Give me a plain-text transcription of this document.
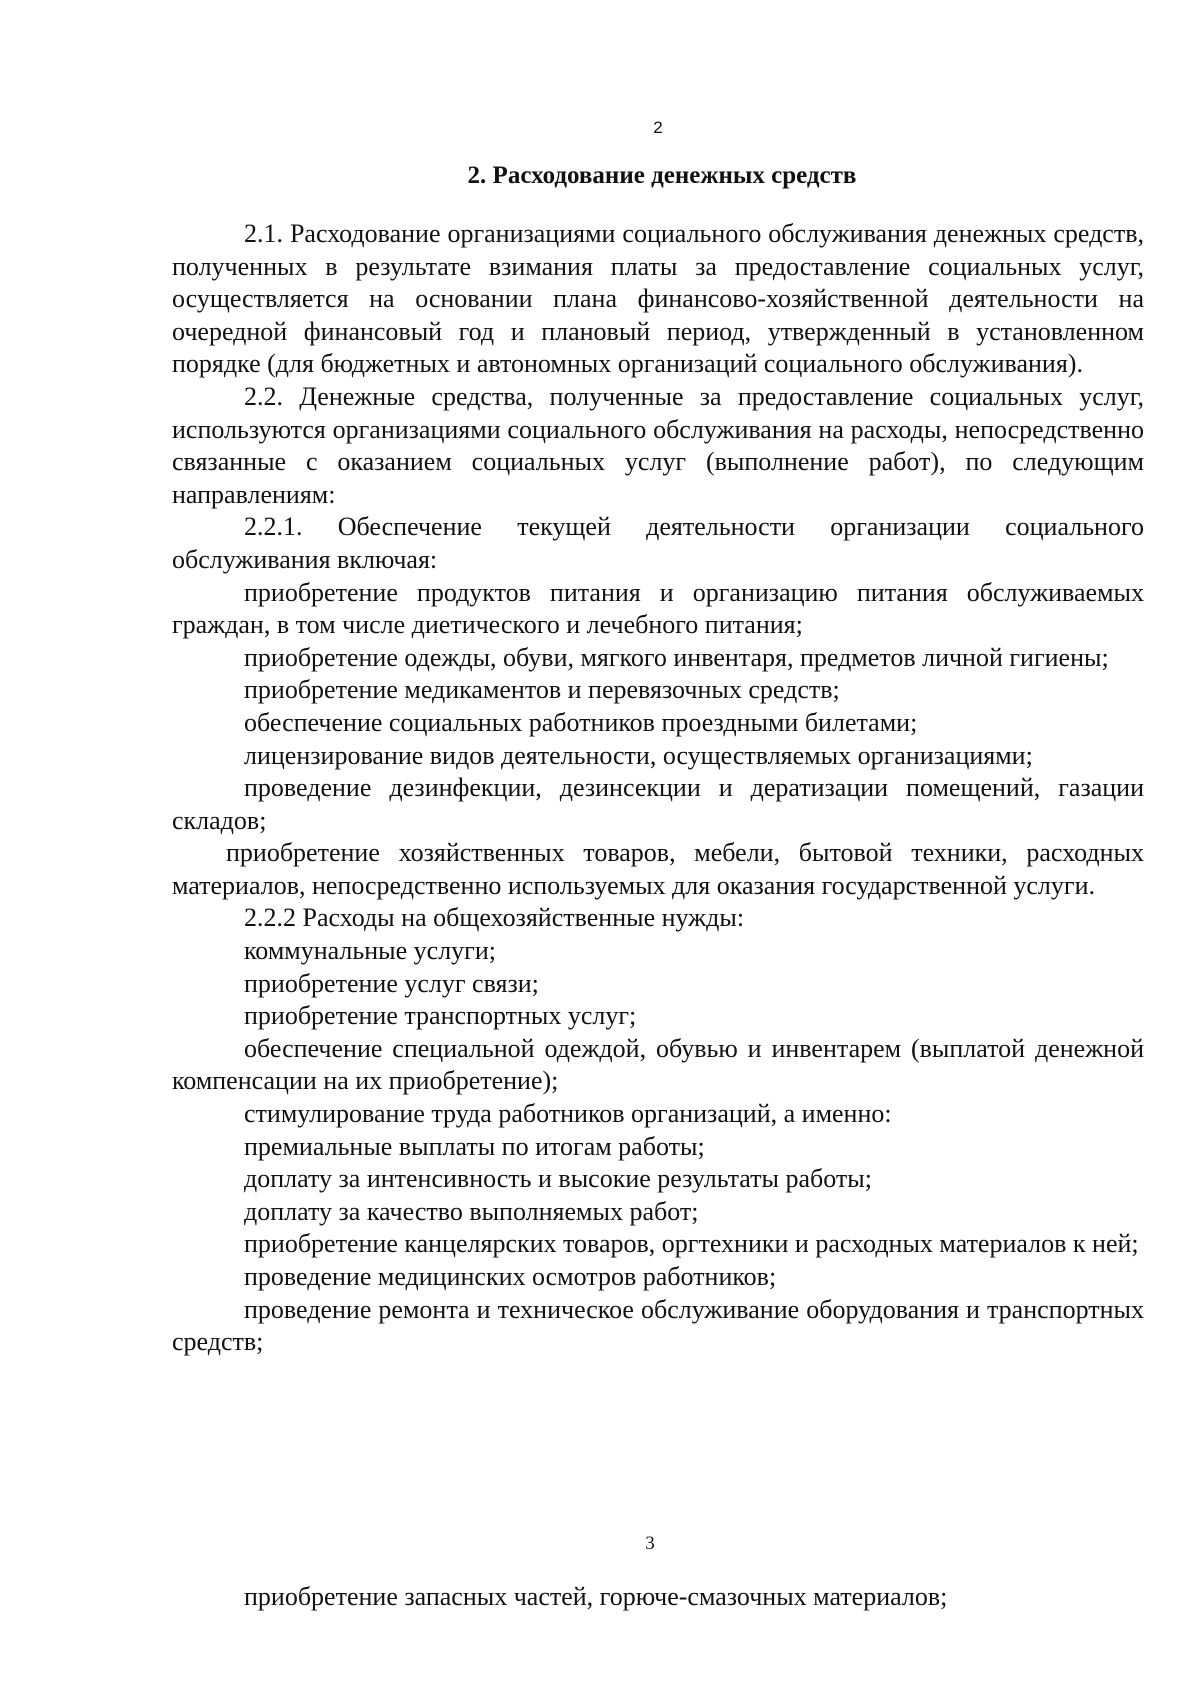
2
2. Расходование денежных средств

2.1. Расходование организациями социального обслуживания денежных средств, полученных в результате взимания платы за предоставление социальных услуг, осуществляется на основании плана финансово-хозяйственной деятельности на очередной финансовый год и плановый период, утвержденный в установленном порядке (для бюджетных и автономных организаций социального обслуживания).

2.2. Денежные средства, полученные за предоставление социальных услуг, используются организациями социального обслуживания на расходы, непосредственно связанные с оказанием социальных услуг (выполнение работ), по следующим направлениям:

2.2.1. Обеспечение текущей деятельности организации социального обслуживания включая:

приобретение продуктов питания и организацию питания обслуживаемых граждан, в том числе диетического и лечебного питания;

приобретение одежды, обуви, мягкого инвентаря, предметов личной гигиены;

приобретение медикаментов и перевязочных средств;

обеспечение социальных работников проездными билетами;

лицензирование видов деятельности, осуществляемых организациями;

проведение дезинфекции, дезинсекции и дератизации помещений, газации складов;

приобретение хозяйственных товаров, мебели, бытовой техники, расходных материалов, непосредственно используемых для оказания государственной услуги.

2.2.2 Расходы на общехозяйственные нужды:

коммунальные услуги;

приобретение услуг связи;

приобретение транспортных услуг;

обеспечение специальной одеждой, обувью и инвентарем (выплатой денежной компенсации на их приобретение);

стимулирование труда работников организаций, а именно:

премиальные выплаты по итогам работы;

доплату за интенсивность и высокие результаты работы;

доплату за качество выполняемых работ;

приобретение канцелярских товаров, оргтехники и расходных материалов к ней;

проведение медицинских осмотров работников;

проведение ремонта и техническое обслуживание оборудования и транспортных средств;

3
приобретение запасных частей, горюче-смазочных материалов;
